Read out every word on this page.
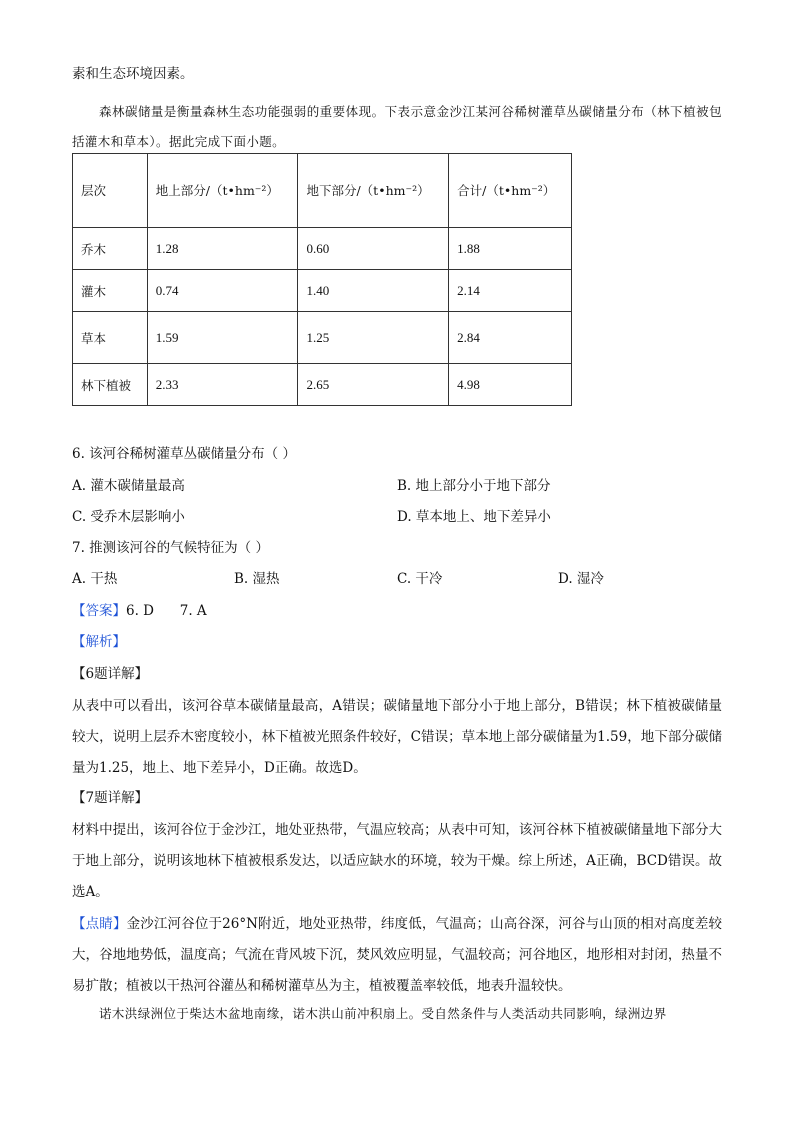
素和生态环境因素。
森林碳储量是衡量森林生态功能强弱的重要体现。下表示意金沙江某河谷稀树灌草丛碳储量分布（林下植被包括灌木和草本）。据此完成下面小题。
层次	地上部分/（t•hm⁻²）	地下部分/（t•hm⁻²）	合计/（t•hm⁻²）
乔木	1.28	0.60	1.88
灌木	0.74	1.40	2.14
草本	1.59	1.25	2.84
林下植被	2.33	2.65	4.98
6. 该河谷稀树灌草丛碳储量分布（ ）
A. 灌木碳储量最高	B. 地上部分小于地下部分
C. 受乔木层影响小	D. 草本地上、地下差异小
7. 推测该河谷的气候特征为（ ）
A. 干热	B. 湿热	C. 干冷	D. 湿冷
【答案】6. D      7. A
【解析】
【6题详解】
从表中可以看出，该河谷草本碳储量最高，A错误；碳储量地下部分小于地上部分，B错误；林下植被碳储量较大，说明上层乔木密度较小，林下植被光照条件较好，C错误；草本地上部分碳储量为1.59，地下部分碳储量为1.25，地上、地下差异小，D正确。故选D。
【7题详解】
材料中提出，该河谷位于金沙江，地处亚热带，气温应较高；从表中可知，该河谷林下植被碳储量地下部分大于地上部分，说明该地林下植被根系发达，以适应缺水的环境，较为干燥。综上所述，A正确，BCD错误。故选A。
【点睛】金沙江河谷位于26°N附近，地处亚热带，纬度低，气温高；山高谷深，河谷与山顶的相对高度差较大，谷地地势低，温度高；气流在背风坡下沉，焚风效应明显，气温较高；河谷地区，地形相对封闭，热量不易扩散；植被以干热河谷灌丛和稀树灌草丛为主，植被覆盖率较低，地表升温较快。
诺木洪绿洲位于柴达木盆地南缘，诺木洪山前冲积扇上。受自然条件与人类活动共同影响，绿洲边界
